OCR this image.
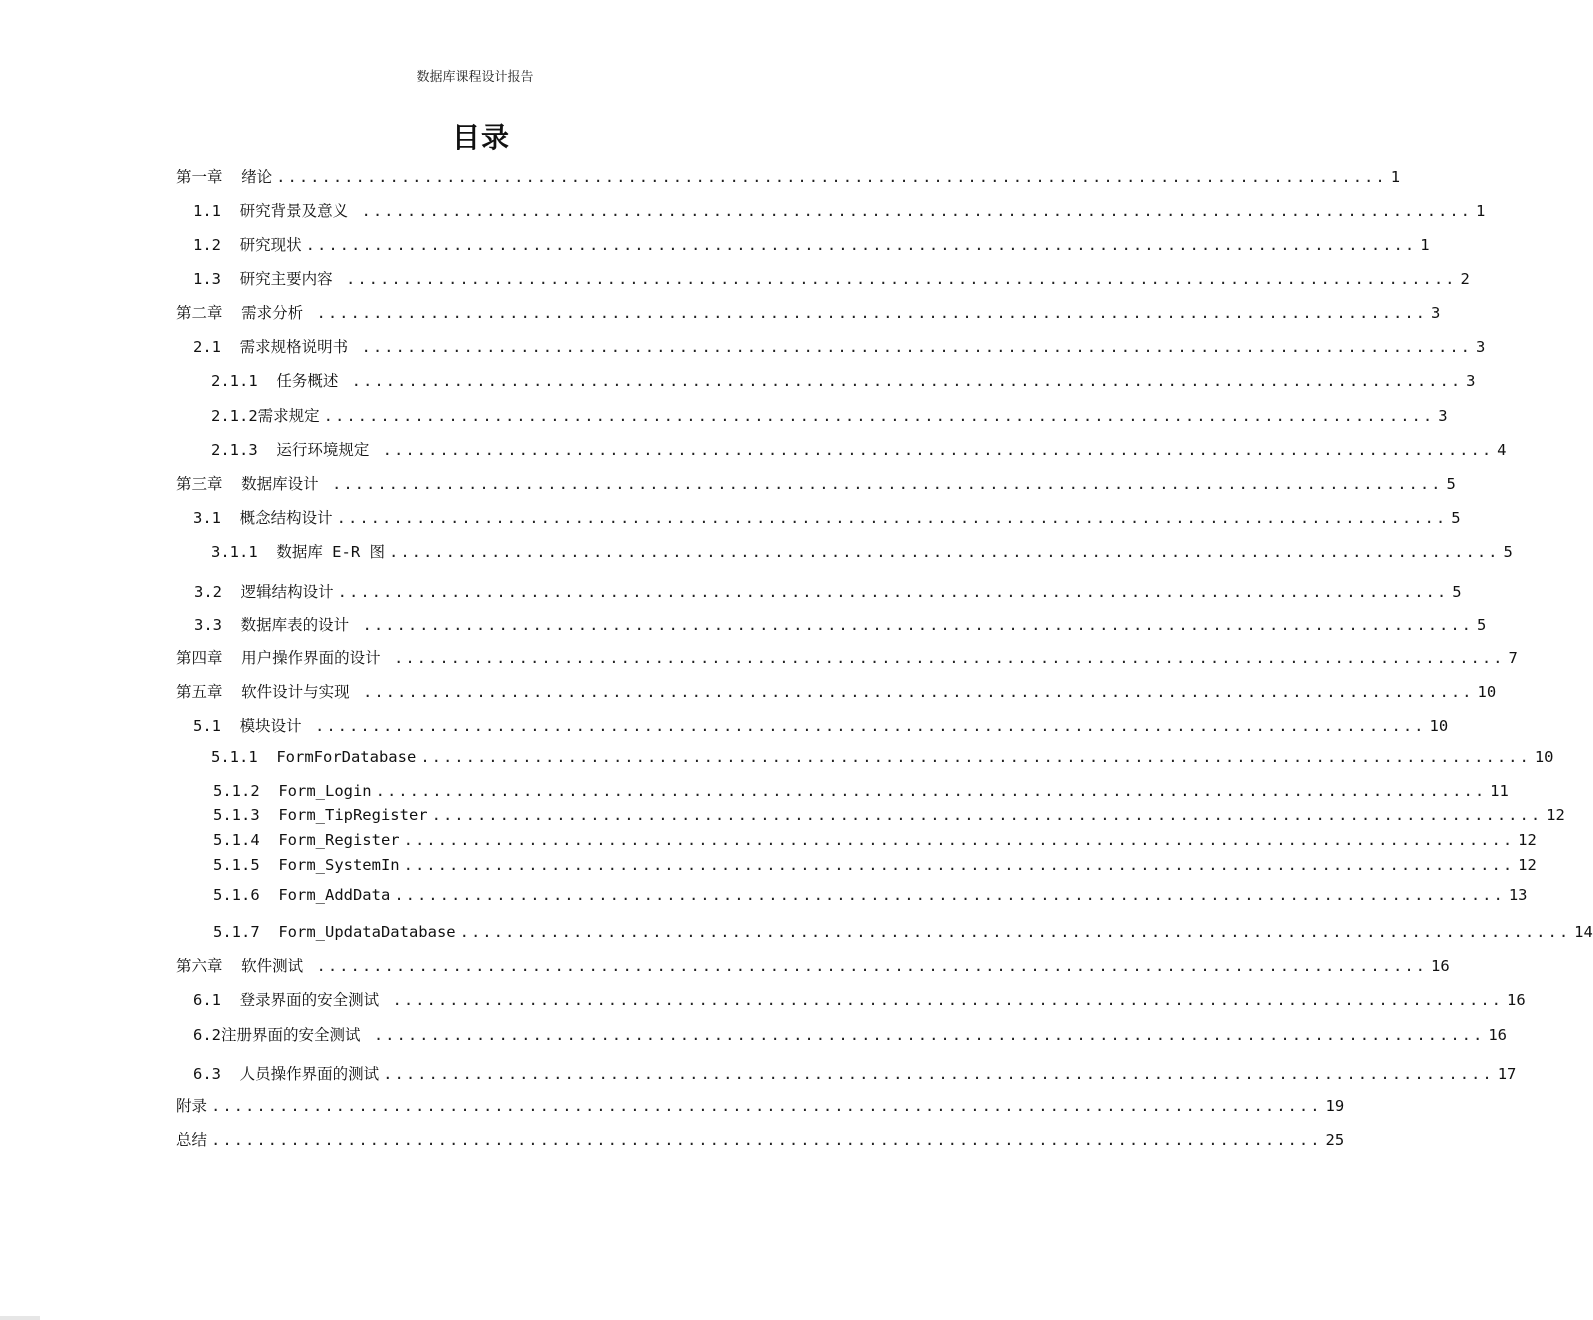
数据库课程设计报告
目录
第一章  绪论 .................................................................................................. 1
1.1  研究背景及意义 .................................................................................................. 1
1.2  研究现状 .................................................................................................. 1
1.3  研究主要内容 .................................................................................................. 2
第二章  需求分析 .................................................................................................. 3
2.1  需求规格说明书 .................................................................................................. 3
2.1.1  任务概述 .................................................................................................. 3
2.1.2需求规定 .................................................................................................. 3
2.1.3  运行环境规定 .................................................................................................. 4
第三章  数据库设计 .................................................................................................. 5
3.1  概念结构设计 .................................................................................................. 5
3.1.1  数据库 E-R 图 .................................................................................................. 5
3.2  逻辑结构设计 .................................................................................................. 5
3.3  数据库表的设计 .................................................................................................. 5
第四章  用户操作界面的设计 .................................................................................................. 7
第五章  软件设计与实现 .................................................................................................. 10
5.1  模块设计 .................................................................................................. 10
5.1.1  FormForDatabase .................................................................................................. 10
5.1.2  Form_Login .................................................................................................. 11
5.1.3  Form_TipRegister .................................................................................................. 12
5.1.4  Form_Register .................................................................................................. 12
5.1.5  Form_SystemIn .................................................................................................. 12
5.1.6  Form_AddData .................................................................................................. 13
5.1.7  Form_UpdataDatabase .................................................................................................. 14
第六章  软件测试 .................................................................................................. 16
6.1  登录界面的安全测试 .................................................................................................. 16
6.2注册界面的安全测试 .................................................................................................. 16
6.3  人员操作界面的测试 .................................................................................................. 17
附录 .................................................................................................. 19
总结 .................................................................................................. 25
